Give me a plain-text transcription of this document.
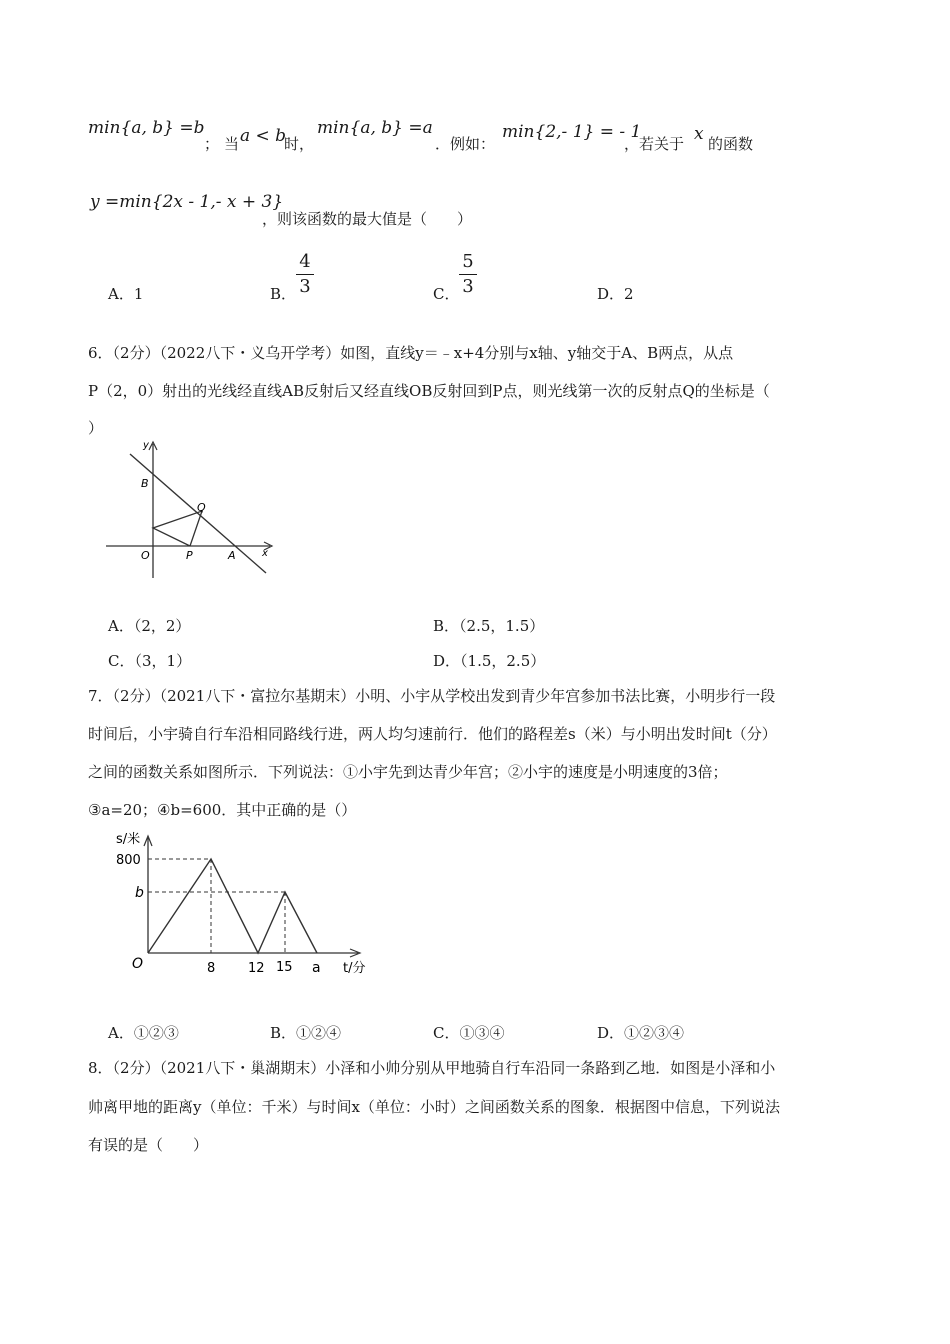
min{a, b} =b
； 当 a < b
时，
min{a, b} =a
．例如：
min{2,- 1} = - 1
，若关于 x 的函数
y =min{2x - 1,- x + 3}
，则该函数的最大值是（　　）
A．1	B．
4
3	C．
5
3	D．2
6．（2分）（2022八下・义乌开学考）如图，直线y＝﹣x+4分别与x轴、y轴交于A、B两点，从点
P（2，0）射出的光线经直线AB反射后又经直线OB反射回到P点，则光线第一次的反射点Q的坐标是（
）
y
x
B
Q
O	P	A
A．（2，2）	B．（2.5，1.5）
C．（3，1）	D．（1.5，2.5）
7．（2分）（2021八下・富拉尔基期末）小明、小宇从学校出发到青少年宫参加书法比赛，小明步行一段
时间后，小宇骑自行车沿相同路线行进，两人均匀速前行．他们的路程差s（米）与小明出发时间t（分）
之间的函数关系如图所示．下列说法：①小宇先到达青少年宫；②小宇的速度是小明速度的3倍；
③a=20；④b=600．其中正确的是（）
s/米
t/分
O
800
b
8	12 15 a
A．①②③	B．①②④	C．①③④	D．①②③④
8．（2分）（2021八下・巢湖期末）小泽和小帅分别从甲地骑自行车沿同一条路到乙地．如图是小泽和小
帅离甲地的距离y（单位：千米）与时间x（单位：小时）之间函数关系的图象．根据图中信息，下列说法
有误的是（　　）
